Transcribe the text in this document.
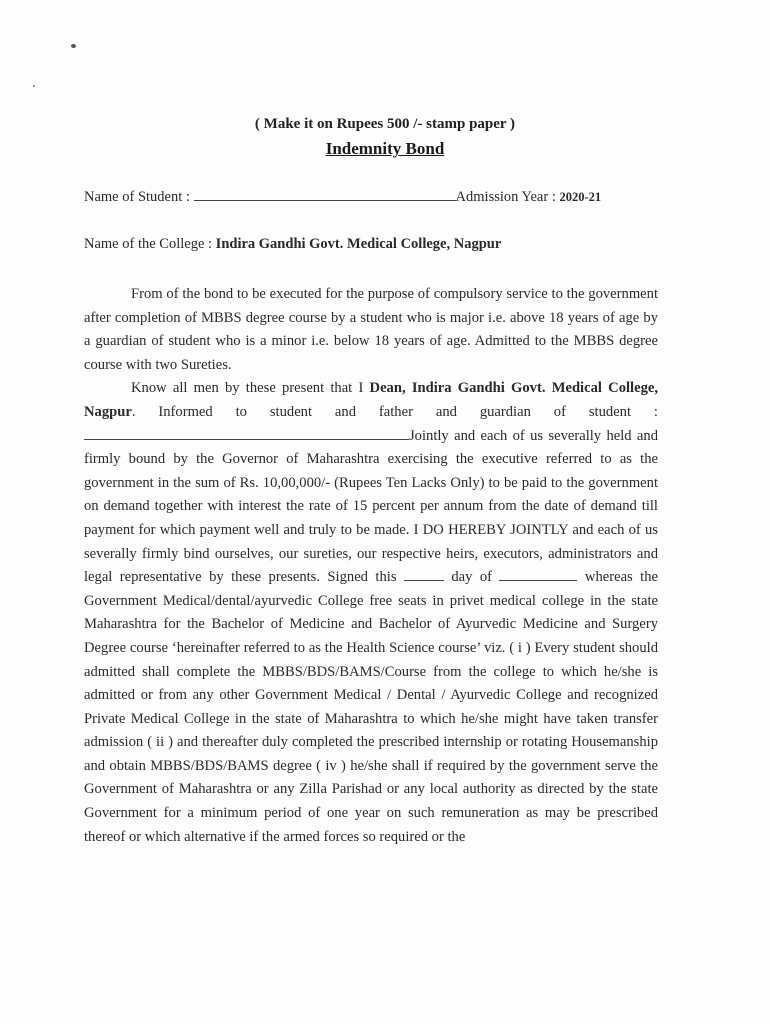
( Make it on Rupees 500 /- stamp paper )
Indemnity Bond
Name of Student :	Admission Year : 2020-21
Name of the College : Indira Gandhi Govt. Medical College, Nagpur

From of the bond to be executed for the purpose of compulsory service to the government after completion of MBBS degree course by a student who is major i.e. above 18 years of age by a guardian of student who is a minor i.e. below 18 years of age. Admitted to the MBBS degree course with two Sureties.

Know all men by these present that I Dean, Indira Gandhi Govt. Medical College, Nagpur. Informed to student and father and guardian of student : Jointly and each of us severally held and firmly bound by the Governor of Maharashtra exercising the executive referred to as the government in the sum of Rs. 10,00,000/- (Rupees Ten Lacks Only) to be paid to the government on demand together with interest the rate of 15 percent per annum from the date of demand till payment for which payment well and truly to be made. I DO HEREBY JOINTLY and each of us severally firmly bind ourselves, our sureties, our respective heirs, executors, administrators and legal representative by these presents. Signed this	day of	whereas the Government Medical/dental/ayurvedic College free seats in privet medical college in the state Maharashtra for the Bachelor of Medicine and Bachelor of Ayurvedic Medicine and Surgery Degree course ‘hereinafter referred to as the Health Science course’ viz. ( i ) Every student should admitted shall complete the MBBS/BDS/BAMS/Course from the college to which he/she is admitted or from any other Government Medical / Dental / Ayurvedic College and recognized Private Medical College in the state of Maharashtra to which he/she might have taken transfer admission ( ii ) and thereafter duly completed the prescribed internship or rotating Housemanship and obtain MBBS/BDS/BAMS degree ( iv ) he/she shall if required by the government serve the Government of Maharashtra or any Zilla Parishad or any local authority as directed by the state Government for a minimum period of one year on such remuneration as may be prescribed thereof or which alternative if the armed forces so required or the
